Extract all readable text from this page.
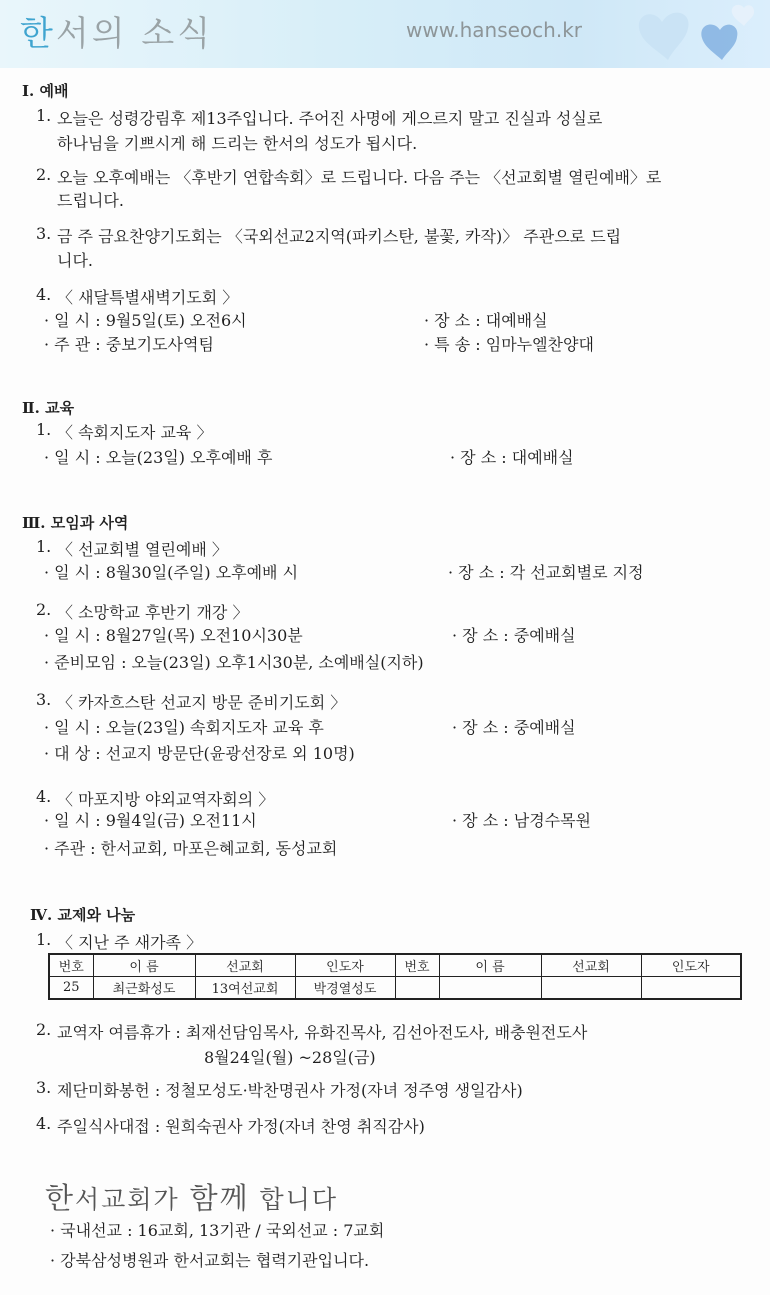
한서의 소식	www.hanseoch.kr
Ⅰ. 예배
1. 오늘은 성령강림후 제13주입니다. 주어진 사명에 게으르지 말고 진실과 성실로
하나님을 기쁘시게 해 드리는 한서의 성도가 됩시다.
2. 오늘 오후예배는 〈후반기 연합속회〉로 드립니다. 다음 주는 〈선교회별 열린예배〉로
드립니다.
3. 금 주 금요찬양기도회는 〈국외선교2지역(파키스탄, 불꽃, 카작)〉 주관으로 드립
니다.
4. 〈 새달특별새벽기도회 〉
· 일 시 : 9월5일(토) 오전6시	· 장 소 : 대예배실
· 주 관 : 중보기도사역팀	· 특 송 : 임마누엘찬양대
Ⅱ. 교육
1. 〈 속회지도자 교육 〉
· 일 시 : 오늘(23일) 오후예배 후	· 장 소 : 대예배실
Ⅲ. 모임과 사역
1. 〈 선교회별 열린예배 〉
· 일 시 : 8월30일(주일) 오후예배 시	· 장 소 : 각 선교회별로 지정
2. 〈 소망학교 후반기 개강 〉
· 일 시 : 8월27일(목) 오전10시30분	· 장 소 : 중예배실
· 준비모임 : 오늘(23일) 오후1시30분, 소예배실(지하)
3. 〈 카자흐스탄 선교지 방문 준비기도회 〉
· 일 시 : 오늘(23일) 속회지도자 교육 후	· 장 소 : 중예배실
· 대 상 : 선교지 방문단(윤광선장로 외 10명)
4. 〈 마포지방 야외교역자회의 〉
· 일 시 : 9월4일(금) 오전11시	· 장 소 : 남경수목원
· 주관 : 한서교회, 마포은혜교회, 동성교회
Ⅳ. 교제와 나눔
1. 〈 지난 주 새가족 〉
번호	이 름	선교회	인도자	번호	이 름	선교회	인도자
25	최근화성도	13여선교회	박경열성도				
2. 교역자 여름휴가 : 최재선담임목사, 유화진목사, 김선아전도사, 배충원전도사
8월24일(월) ~28일(금)
3. 제단미화봉헌 : 정철모성도·박찬명권사 가정(자녀 정주영 생일감사)
4. 주일식사대접 : 원희숙권사 가정(자녀 찬영 취직감사)
한서교회가 함께 합니다
· 국내선교 : 16교회, 13기관 / 국외선교 : 7교회
· 강북삼성병원과 한서교회는 협력기관입니다.
